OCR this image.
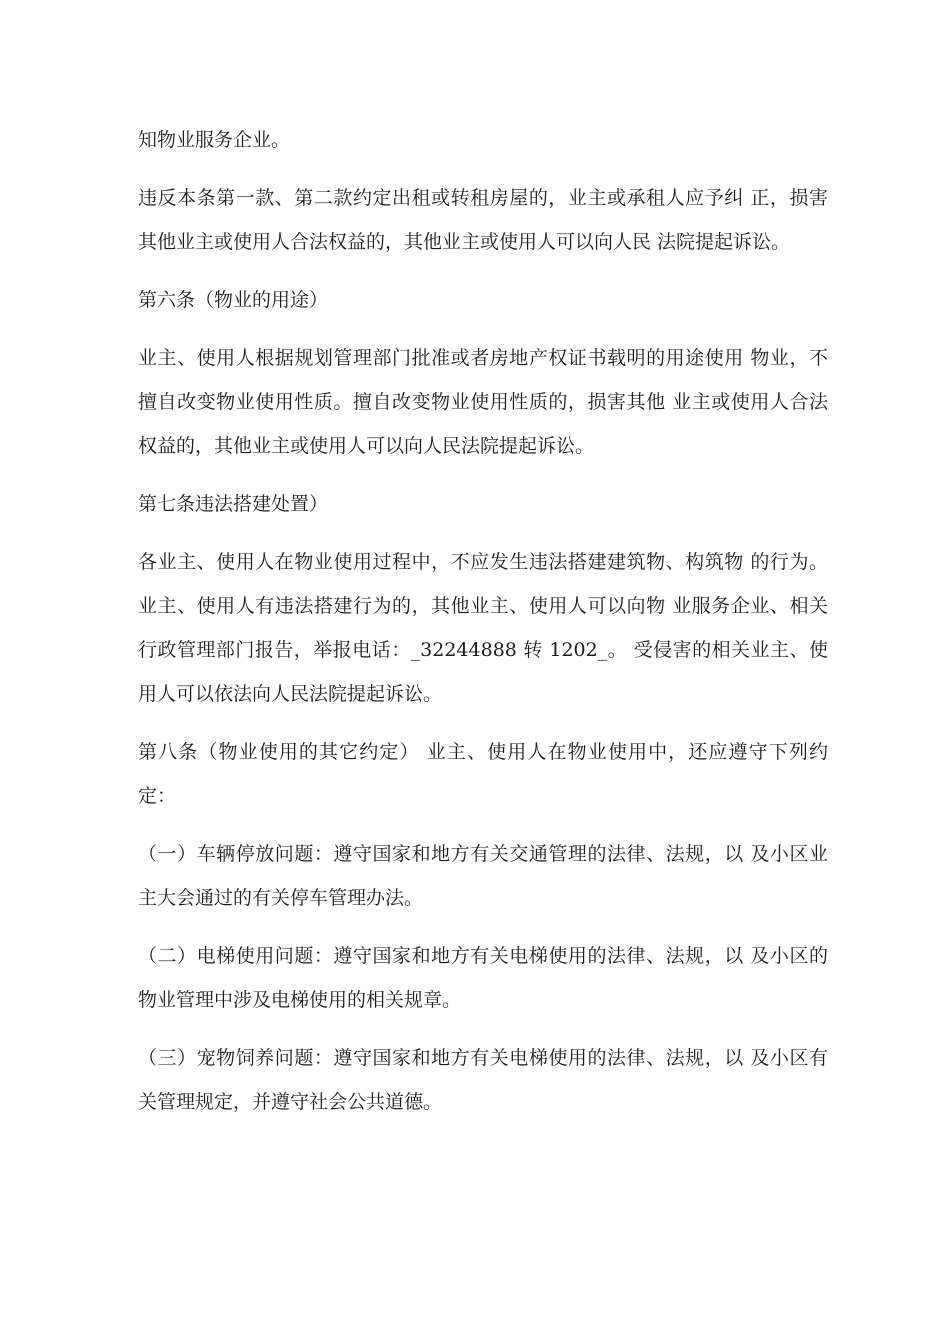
知物业服务企业。

违反本条第一款、第二款约定出租或转租房屋的，业主或承租人应予纠 正，损害其他业主或使用人合法权益的，其他业主或使用人可以向人民 法院提起诉讼。

第六条（物业的用途）

业主、使用人根据规划管理部门批准或者房地产权证书载明的用途使用 物业，不擅自改变物业使用性质。擅自改变物业使用性质的，损害其他 业主或使用人合法权益的，其他业主或使用人可以向人民法院提起诉讼。

第七条违法搭建处置）

各业主、使用人在物业使用过程中，不应发生违法搭建建筑物、构筑物 的行为。业主、使用人有违法搭建行为的，其他业主、使用人可以向物 业服务企业、相关行政管理部门报告，举报电话：_32244888 转 1202_。 受侵害的相关业主、使用人可以依法向人民法院提起诉讼。

第八条（物业使用的其它约定） 业主、使用人在物业使用中，还应遵守下列约定：

（一）车辆停放问题：遵守国家和地方有关交通管理的法律、法规，以 及小区业主大会通过的有关停车管理办法。

（二）电梯使用问题：遵守国家和地方有关电梯使用的法律、法规，以 及小区的物业管理中涉及电梯使用的相关规章。

（三）宠物饲养问题：遵守国家和地方有关电梯使用的法律、法规，以 及小区有关管理规定，并遵守社会公共道德。
